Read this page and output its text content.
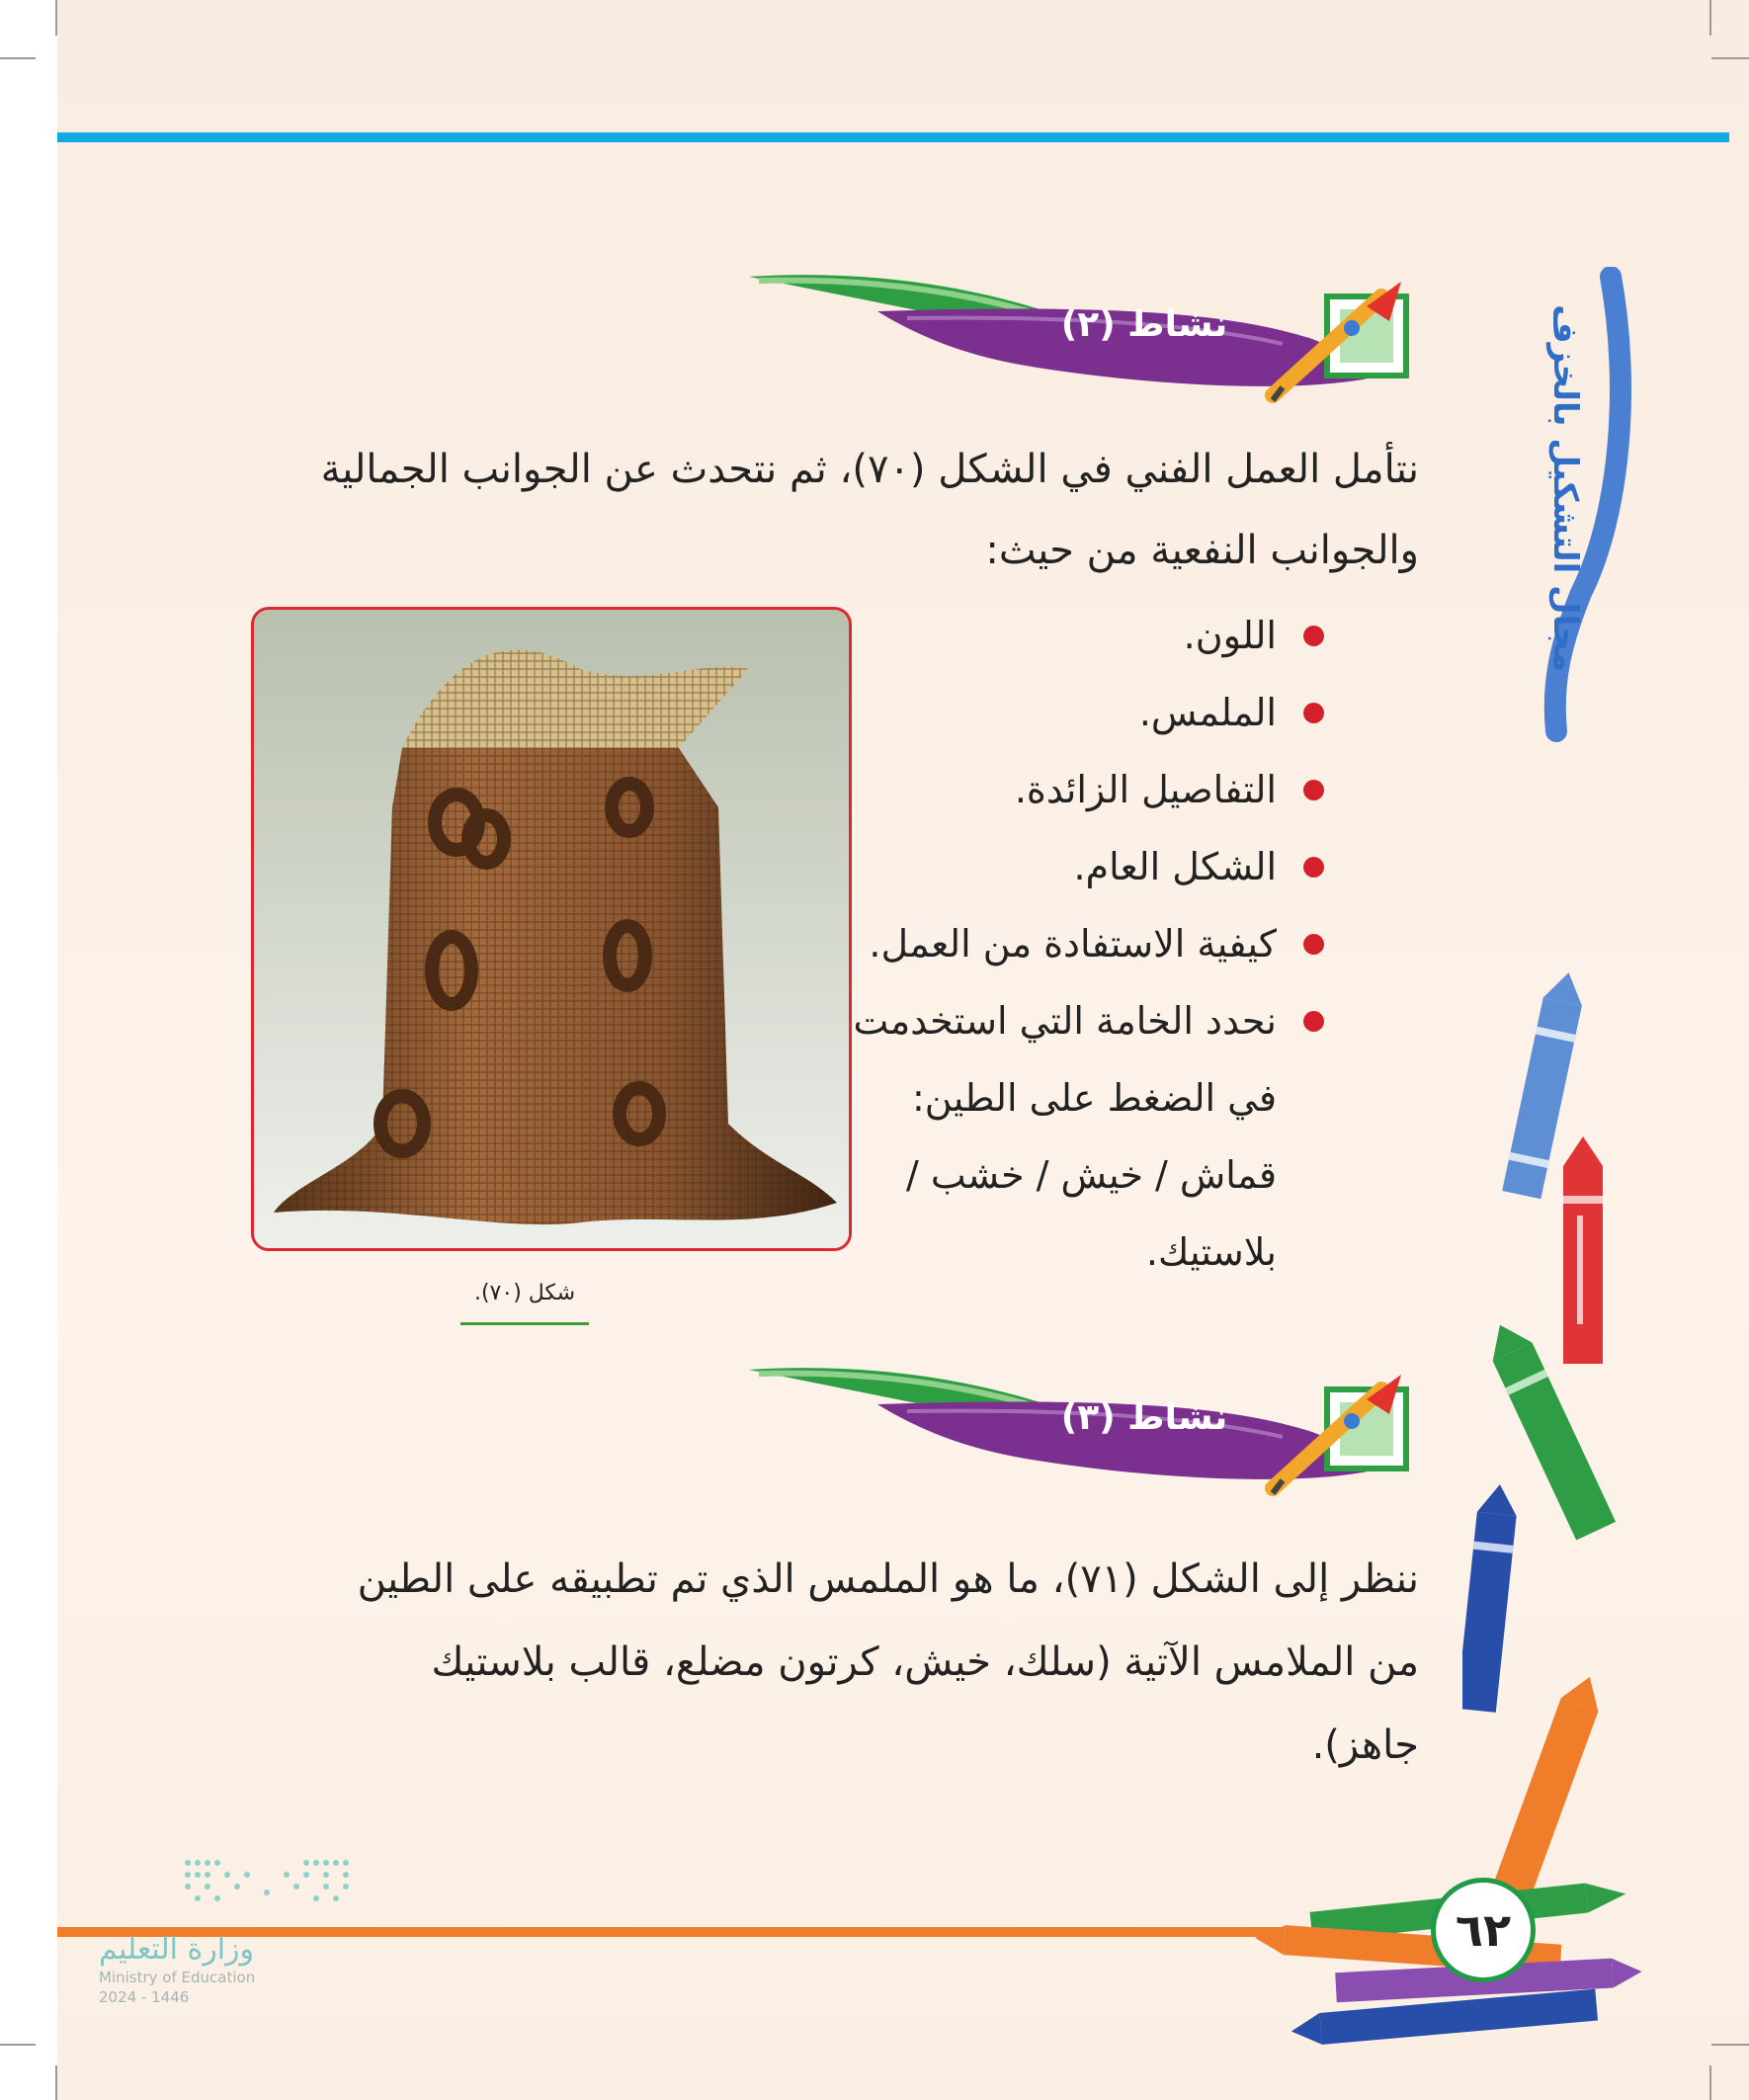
نشاط (٢)
نتأمل العمل الفني في الشكل (٧٠)، ثم نتحدث عن الجوانب الجمالية
والجوانب النفعية من حيث:
اللون.
الملمس.
التفاصيل الزائدة.
الشكل العام.
كيفية الاستفادة من العمل.
نحدد الخامة التي استخدمت
في الضغط على الطين:
قماش / خيش / خشب /
بلاستيك.
شكل (٧٠).
نشاط (٣)
ننظر إلى الشكل (٧١)، ما هو الملمس الذي تم تطبيقه على الطين
من الملامس الآتية (سلك، خيش، كرتون مضلع، قالب بلاستيك
جاهز).
مجال التشكيل بالخزف
٦٢
وزارة التعليم
Ministry of Education
2024 - 1446
